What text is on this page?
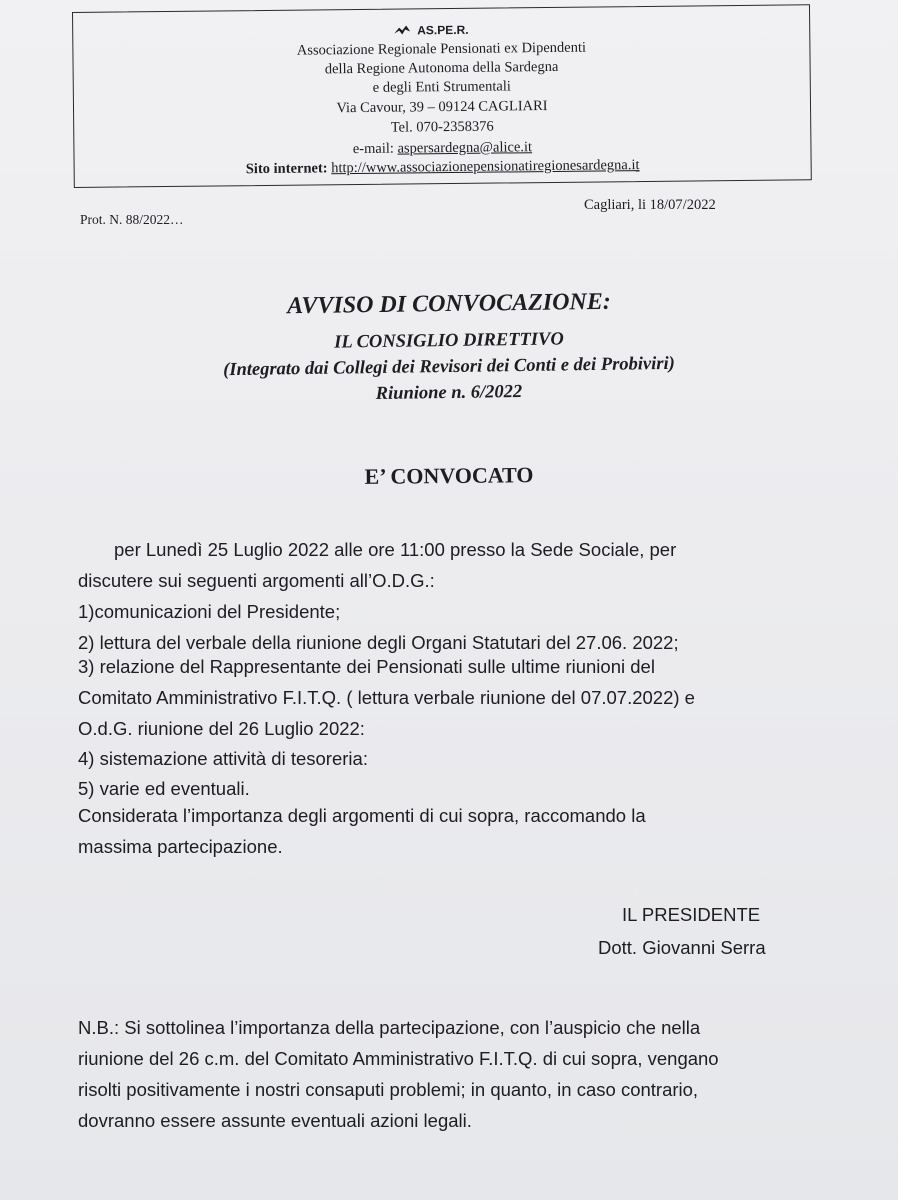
AS.PE.R.
Associazione Regionale Pensionati ex Dipendenti
della Regione Autonoma della Sardegna
e degli Enti Strumentali
Via Cavour, 39 – 09124 CAGLIARI
Tel. 070-2358376
e-mail: aspersardegna@alice.it
Sito internet: http://www.associazionepensionatiregionesardegna.it
Prot. N. 88/2022…
Cagliari, li 18/07/2022
AVVISO DI CONVOCAZIONE:
IL CONSIGLIO DIRETTIVO
(Integrato dai Collegi dei Revisori dei Conti e dei Probiviri)
Riunione n. 6/2022
E’ CONVOCATO
per Lunedì 25 Luglio 2022 alle ore 11:00 presso la Sede Sociale, per
discutere sui seguenti argomenti all’O.D.G.:
1)comunicazioni del Presidente;
2) lettura del verbale della riunione degli Organi Statutari del 27.06. 2022;
3) relazione del Rappresentante dei Pensionati sulle ultime riunioni del
Comitato Amministrativo F.I.T.Q. ( lettura verbale riunione del 07.07.2022) e
O.d.G. riunione del 26 Luglio 2022:
4) sistemazione attività di tesoreria:
5) varie ed eventuali.
Considerata l’importanza degli argomenti di cui sopra, raccomando la
massima partecipazione.
IL PRESIDENTE
Dott. Giovanni Serra
N.B.: Si sottolinea l’importanza della partecipazione, con l’auspicio che nella
riunione del 26 c.m. del Comitato Amministrativo F.I.T.Q. di cui sopra, vengano
risolti positivamente i nostri consaputi problemi; in quanto, in caso contrario,
dovranno essere assunte eventuali azioni legali.
